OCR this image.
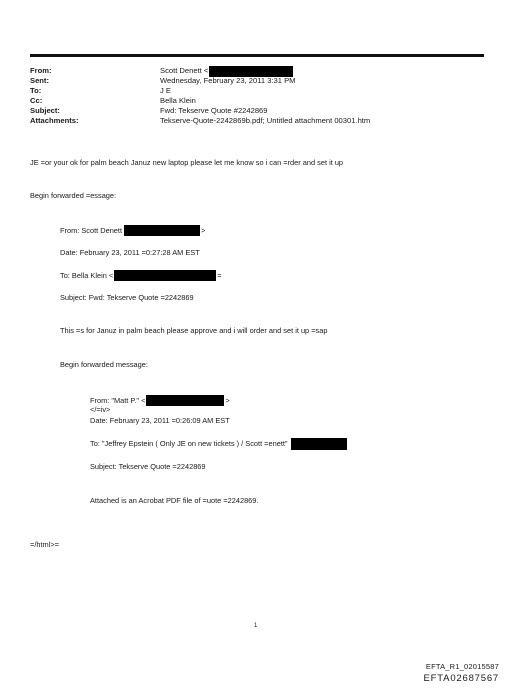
From:	Scott Denett <
Sent:	Wednesday, February 23, 2011 3:31 PM
To:	J E
Cc:	Bella Klein
Subject:	Fwd: Tekserve Quote #2242869
Attachments:	Tekserve-Quote-2242869b.pdf; Untitled attachment 00301.htm
JE =or your ok for palm beach Januz new laptop please let me know so i can =rder and set it up
Begin forwarded =essage:
From: Scott Denett	>
Date: February 23, 2011 =0:27:28 AM EST
To: Bella Klein <	=
Subject: Fwd: Tekserve Quote =2242869
This =s for Januz in palm beach please approve and i will order and set it up =sap
Begin forwarded message:
From: "Matt P." <	>
</=iv>
Date: February 23, 2011 =0:26:09 AM EST
To: "Jeffrey Epstein ( Only JE on new tickets ) / Scott =enett"
Subject: Tekserve Quote =2242869
Attached is an Acrobat PDF file of =uote =2242869.
=/html>=
1
EFTA_R1_02015587
EFTA02687567
